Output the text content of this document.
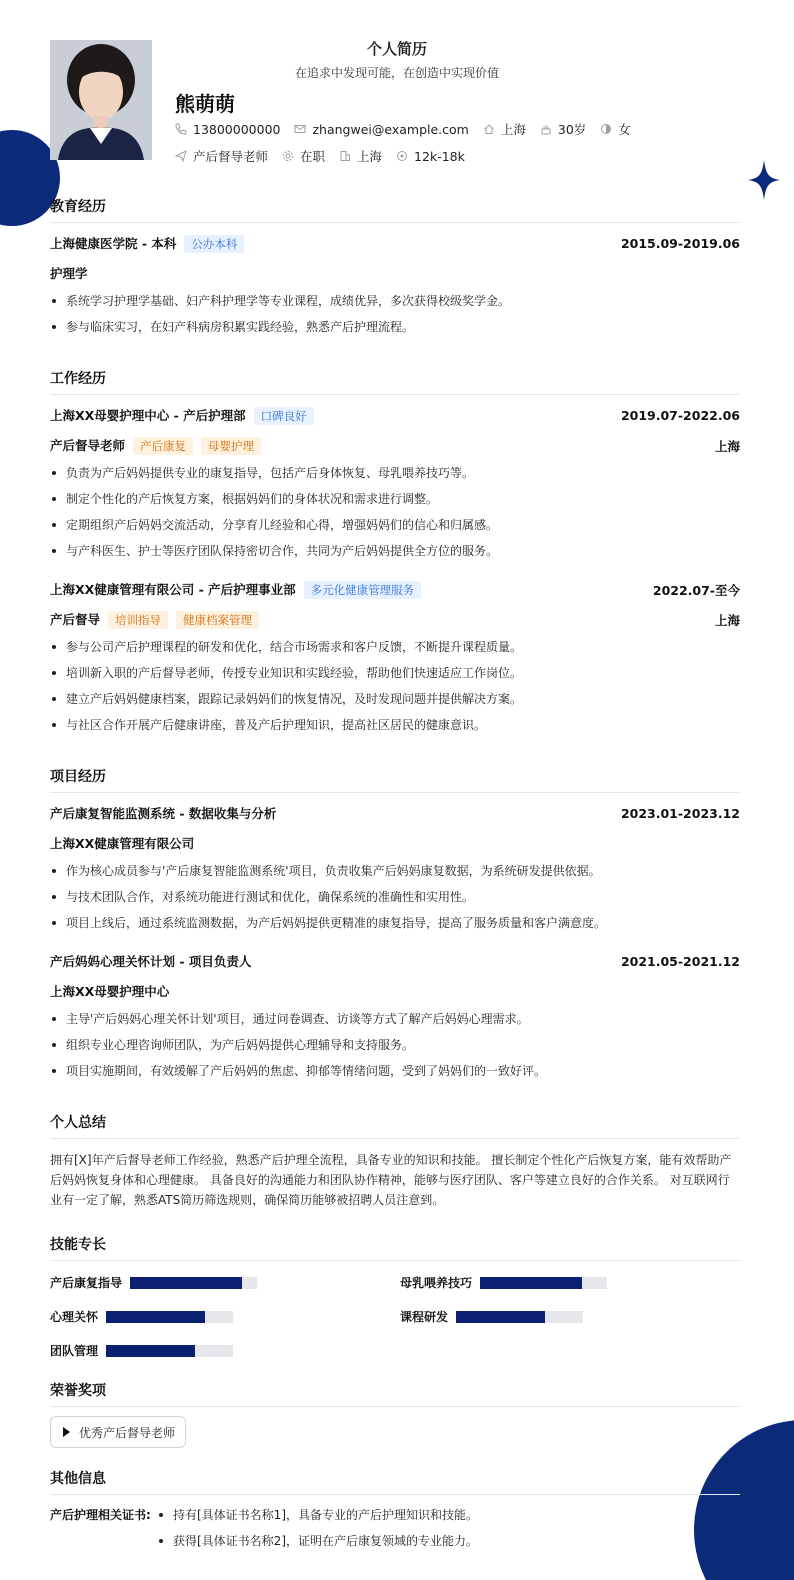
个人简历
在追求中发现可能，在创造中实现价值
熊萌萌
13800000000	zhangwei@example.com	上海	30岁	女
产后督导老师	在职	上海	12k-18k
教育经历
上海健康医学院 - 本科 公办本科	2015.09-2019.06
护理学
系统学习护理学基础、妇产科护理学等专业课程，成绩优异，多次获得校级奖学金。
参与临床实习，在妇产科病房积累实践经验，熟悉产后护理流程。
工作经历
上海XX母婴护理中心 - 产后护理部 口碑良好	2019.07-2022.06
产后督导老师 产后康复 母婴护理	上海
负责为产后妈妈提供专业的康复指导，包括产后身体恢复、母乳喂养技巧等。
制定个性化的产后恢复方案，根据妈妈们的身体状况和需求进行调整。
定期组织产后妈妈交流活动，分享育儿经验和心得，增强妈妈们的信心和归属感。
与产科医生、护士等医疗团队保持密切合作，共同为产后妈妈提供全方位的服务。
上海XX健康管理有限公司 - 产后护理事业部 多元化健康管理服务	2022.07-至今
产后督导 培训指导 健康档案管理	上海
参与公司产后护理课程的研发和优化，结合市场需求和客户反馈，不断提升课程质量。
培训新入职的产后督导老师，传授专业知识和实践经验，帮助他们快速适应工作岗位。
建立产后妈妈健康档案，跟踪记录妈妈们的恢复情况，及时发现问题并提供解决方案。
与社区合作开展产后健康讲座，普及产后护理知识，提高社区居民的健康意识。
项目经历
产后康复智能监测系统 - 数据收集与分析	2023.01-2023.12
上海XX健康管理有限公司
作为核心成员参与'产后康复智能监测系统'项目，负责收集产后妈妈康复数据，为系统研发提供依据。
与技术团队合作，对系统功能进行测试和优化，确保系统的准确性和实用性。
项目上线后，通过系统监测数据，为产后妈妈提供更精准的康复指导，提高了服务质量和客户满意度。
产后妈妈心理关怀计划 - 项目负责人	2021.05-2021.12
上海XX母婴护理中心
主导'产后妈妈心理关怀计划'项目，通过问卷调查、访谈等方式了解产后妈妈心理需求。
组织专业心理咨询师团队，为产后妈妈提供心理辅导和支持服务。
项目实施期间，有效缓解了产后妈妈的焦虑、抑郁等情绪问题，受到了妈妈们的一致好评。
个人总结
拥有[X]年产后督导老师工作经验，熟悉产后护理全流程，具备专业的知识和技能。 擅长制定个性化产后恢复方案，能有效帮助产后妈妈恢复身体和心理健康。 具备良好的沟通能力和团队协作精神，能够与医疗团队、客户等建立良好的合作关系。 对互联网行业有一定了解，熟悉ATS简历筛选规则，确保简历能够被招聘人员注意到。
技能专长
产后康复指导	母乳喂养技巧
心理关怀	课程研发
团队管理
荣誉奖项
优秀产后督导老师
其他信息
产后护理相关证书:	持有[具体证书名称1]，具备专业的产后护理知识和技能。
获得[具体证书名称2]，证明在产后康复领域的专业能力。
